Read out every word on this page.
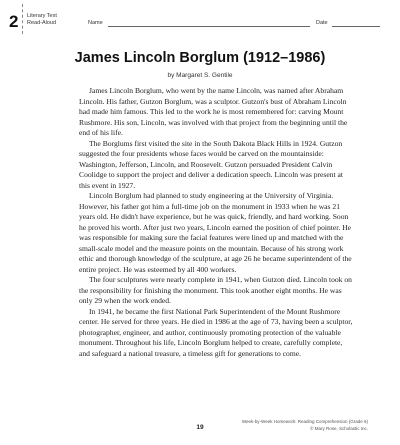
2 Literary Text
Read-Aloud	Name	Date
James Lincoln Borglum (1912–1986)

by Margaret S. Gentile

James Lincoln Borglum, who went by the name Lincoln, was named after Abraham Lincoln. His father, Gutzon Borglum, was a sculptor. Gutzon's bust of Abraham Lincoln had made him famous. This led to the work he is most remembered for: carving Mount Rushmore. His son, Lincoln, was involved with that project from the beginning until the end of his life.

The Borglums first visited the site in the South Dakota Black Hills in 1924. Gutzon suggested the four presidents whose faces would be carved on the mountainside: Washington, Jefferson, Lincoln, and Roosevelt. Gutzon persuaded President Calvin Coolidge to support the project and deliver a dedication speech. Lincoln was present at this event in 1927.

Lincoln Borglum had planned to study engineering at the University of Virginia. However, his father got him a full-time job on the monument in 1933 when he was 21 years old. He didn't have experience, but he was quick, friendly, and hard working. Soon he proved his worth. After just two years, Lincoln earned the position of chief pointer. He was responsible for making sure the facial features were lined up and matched with the small-scale model and the measure points on the mountain. Because of his strong work ethic and thorough knowledge of the sculpture, at age 26 he became superintendent of the entire project. He was esteemed by all 400 workers.

The four sculptures were nearly complete in 1941, when Gutzon died. Lincoln took on the responsibility for finishing the monument. This took another eight months. He was only 29 when the work ended.

In 1941, he became the first National Park Superintendent of the Mount Rushmore center. He served for three years. He died in 1986 at the age of 73, having been a sculptor, photographer, engineer, and author, continuously promoting protection of the valuable monument. Throughout his life, Lincoln Borglum helped to create, carefully complete, and safeguard a national treasure, a timeless gift for generations to come.

19
Week-by-Week Homework: Reading Comprehension (Grade 6)
© Mary Rose, Scholastic Inc.
